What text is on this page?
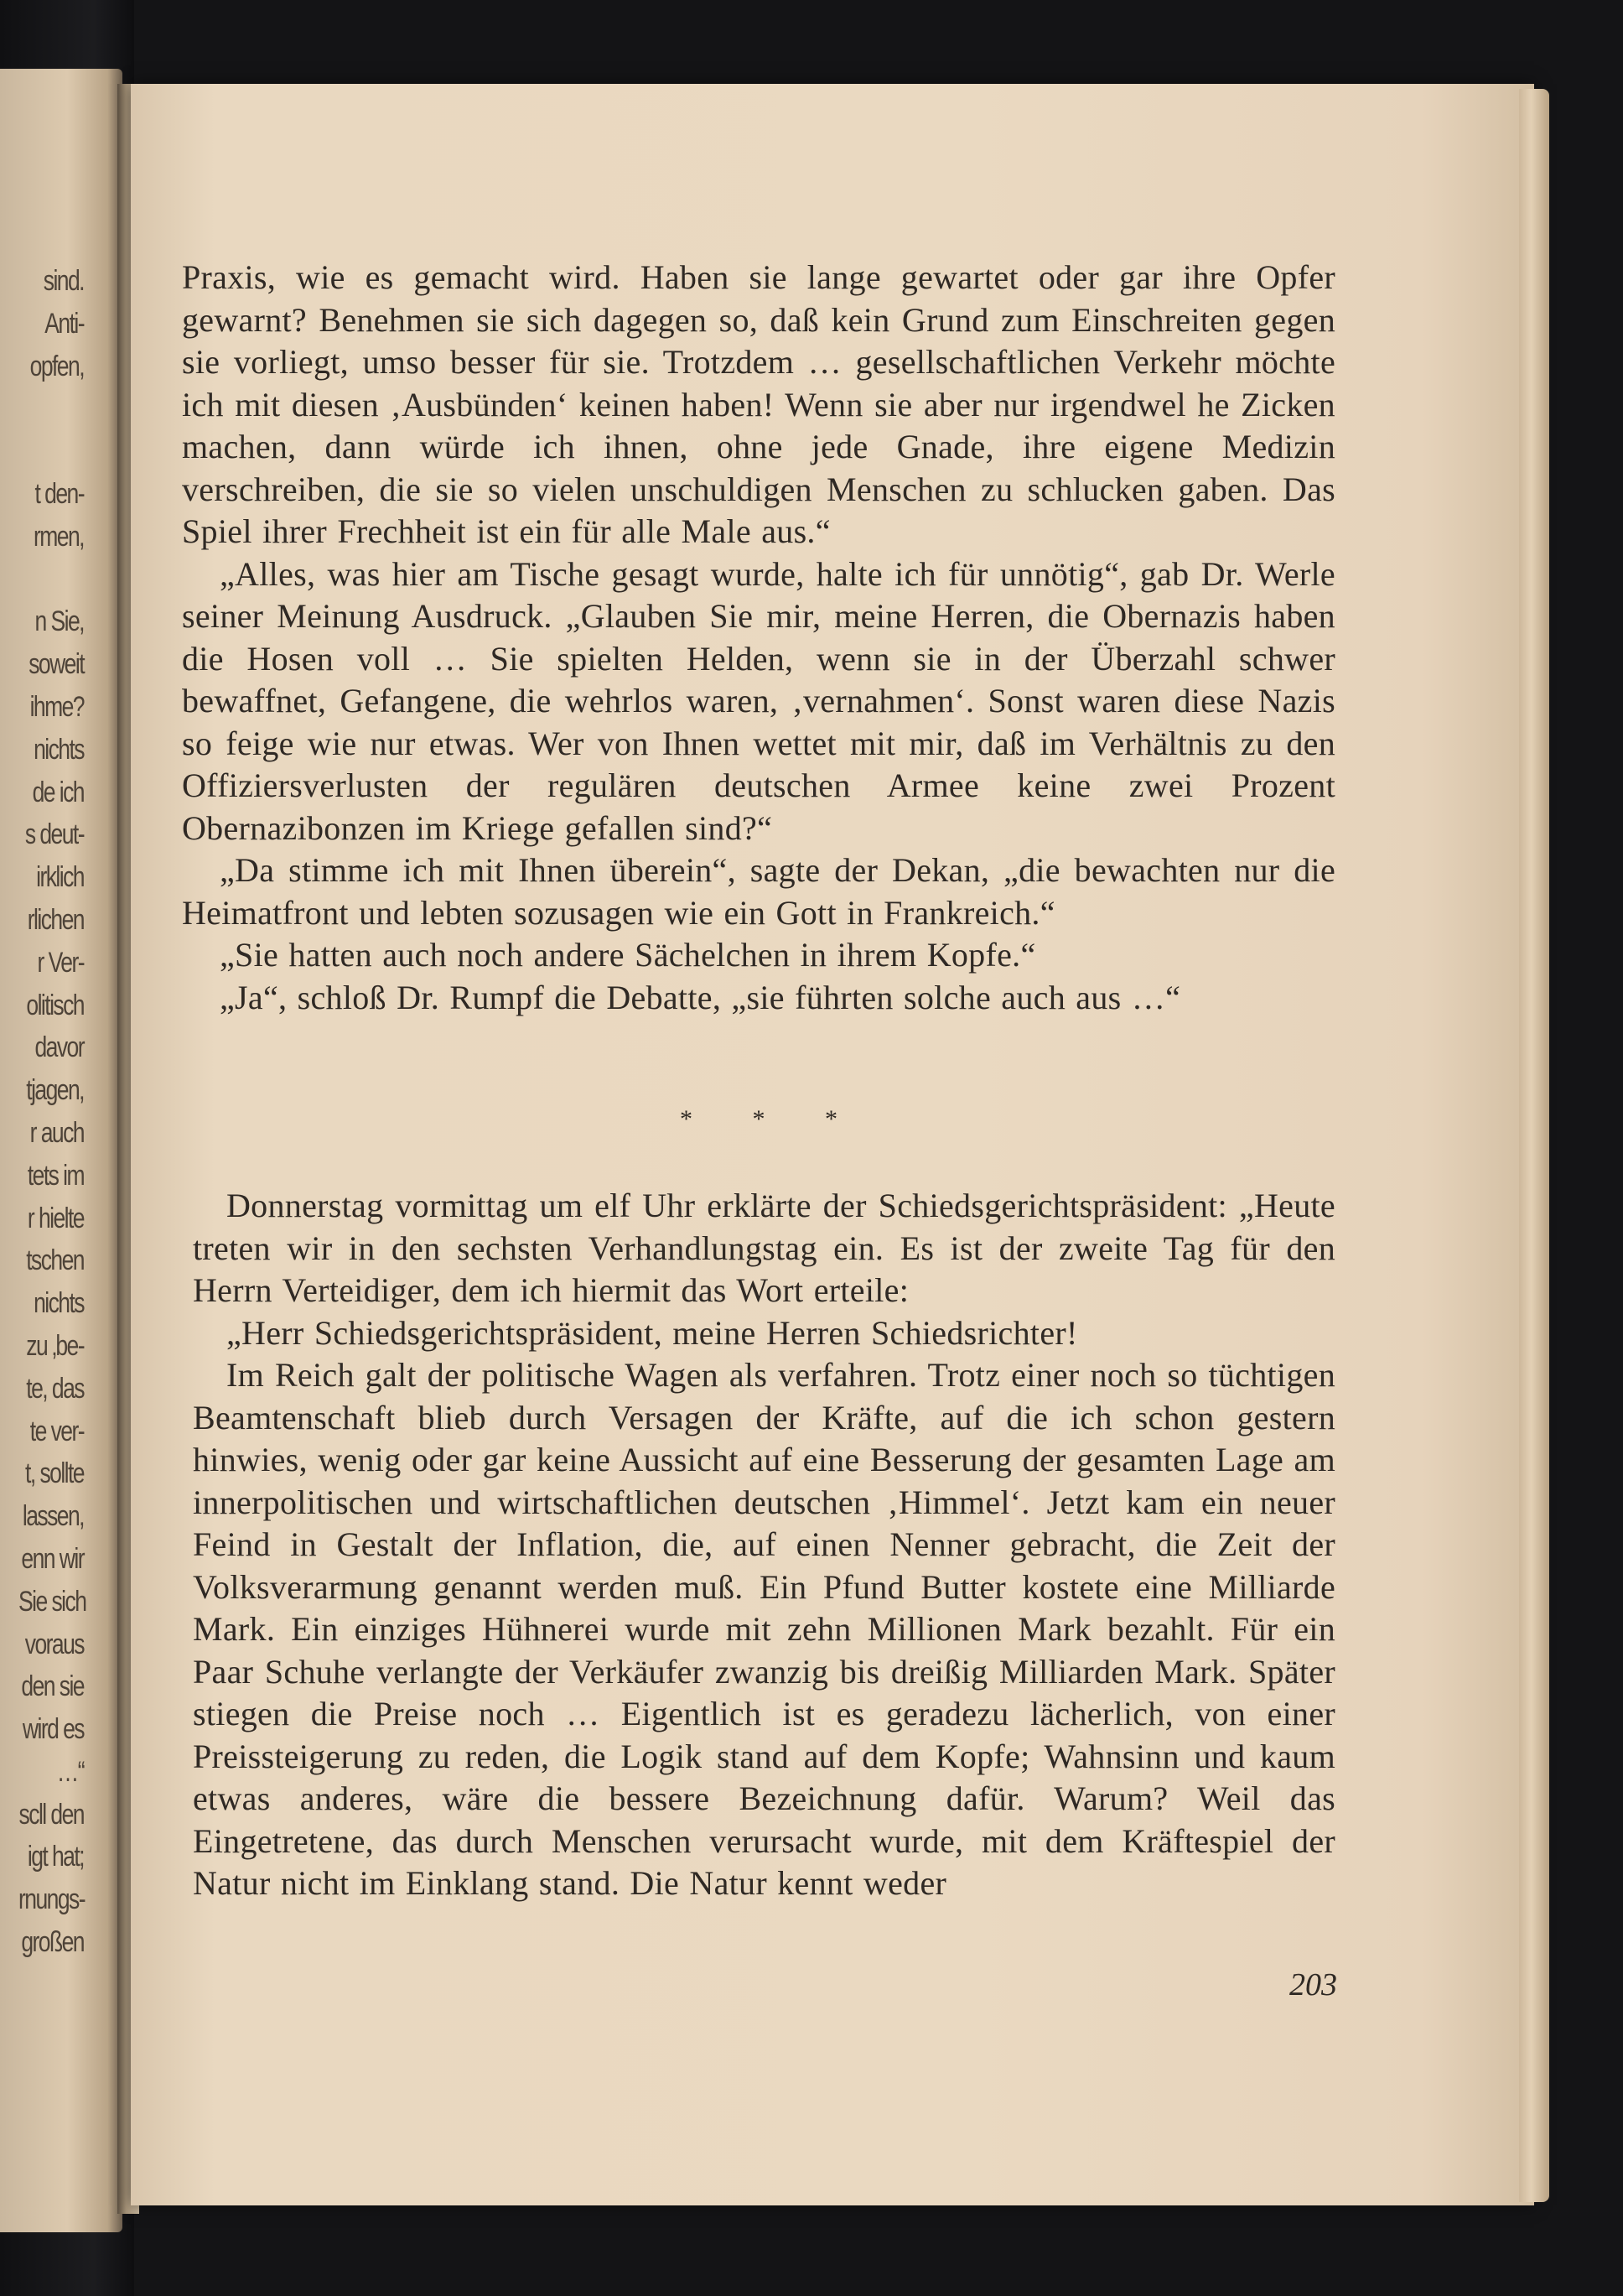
sind.
Anti-
opfen,
t den-
rmen,
n Sie,
soweit
ihme?
nichts
de ich
s deut-
irklich
rlichen
r Ver-
olitisch
davor
tjagen,
r auch
tets im
r hielte
tschen
nichts
zu ‚be-
te, das
te ver-
t, sollte
lassen,
enn wir
Sie sich
voraus
den sie
wird es
…“
scll den
igt hat;
rnungs-
großen

Praxis, wie es gemacht wird. Haben sie lange gewartet oder gar ihre Opfer gewarnt? Benehmen sie sich dagegen so, daß kein Grund zum Einschreiten gegen sie vorliegt, umso besser für sie. Trotzdem … gesellschaftlichen Verkehr möchte ich mit diesen ‚Ausbünden‘ keinen haben! Wenn sie aber nur irgendwel he Zicken machen, dann würde ich ihnen, ohne jede Gnade, ihre eigene Medizin verschreiben, die sie so vielen unschuldigen Menschen zu schlucken gaben. Das Spiel ihrer Frechheit ist ein für alle Male aus.“

„Alles, was hier am Tische gesagt wurde, halte ich für unnötig“, gab Dr. Werle seiner Meinung Ausdruck. „Glauben Sie mir, meine Herren, die Obernazis haben die Hosen voll … Sie spielten Helden, wenn sie in der Überzahl schwer bewaffnet, Gefangene, die wehrlos waren, ‚vernahmen‘. Sonst waren diese Nazis so feige wie nur etwas. Wer von Ihnen wettet mit mir, daß im Verhältnis zu den Offiziersverlusten der regulären deutschen Armee keine zwei Prozent Obernazibonzen im Kriege gefallen sind?“

„Da stimme ich mit Ihnen überein“, sagte der Dekan, „die bewachten nur die Heimatfront und lebten sozusagen wie ein Gott in Frankreich.“

„Sie hatten auch noch andere Sächelchen in ihrem Kopfe.“

„Ja“, schloß Dr. Rumpf die Debatte, „sie führten solche auch aus …“

* * *

Donnerstag vormittag um elf Uhr erklärte der Schiedsgerichtspräsident: „Heute treten wir in den sechsten Verhandlungstag ein. Es ist der zweite Tag für den Herrn Verteidiger, dem ich hiermit das Wort erteile:

„Herr Schiedsgerichtspräsident, meine Herren Schiedsrichter!

Im Reich galt der politische Wagen als verfahren. Trotz einer noch so tüchtigen Beamtenschaft blieb durch Versagen der Kräfte, auf die ich schon gestern hinwies, wenig oder gar keine Aussicht auf eine Besserung der gesamten Lage am innerpolitischen und wirtschaftlichen deutschen ‚Himmel‘. Jetzt kam ein neuer Feind in Gestalt der Inflation, die, auf einen Nenner gebracht, die Zeit der Volksverarmung genannt werden muß. Ein Pfund Butter kostete eine Milliarde Mark. Ein einziges Hühnerei wurde mit zehn Millionen Mark bezahlt. Für ein Paar Schuhe verlangte der Verkäufer zwanzig bis dreißig Milliarden Mark. Später stiegen die Preise noch … Eigentlich ist es geradezu lächerlich, von einer Preissteigerung zu reden, die Logik stand auf dem Kopfe; Wahnsinn und kaum etwas anderes, wäre die bessere Bezeichnung dafür. Warum? Weil das Eingetretene, das durch Menschen verursacht wurde, mit dem Kräftespiel der Natur nicht im Einklang stand. Die Natur kennt weder

203
